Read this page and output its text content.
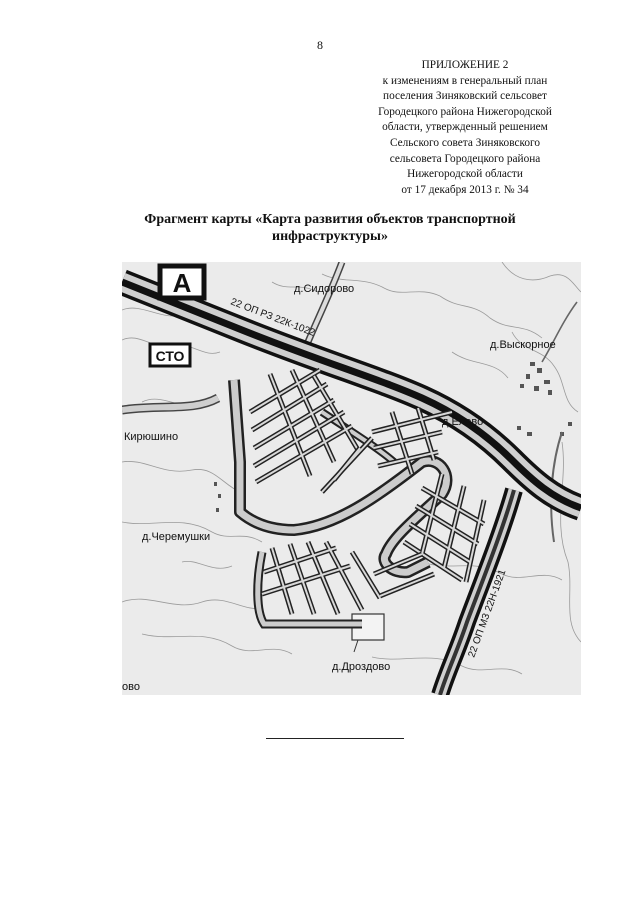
8
ПРИЛОЖЕНИЕ 2
к изменениям в генеральный план
поселения Зиняковский сельсовет
Городецкого района Нижегородской
области, утвержденный решением
Сельского совета Зиняковского
сельсовета Городецкого района
Нижегородской области
от 17 декабря 2013 г. № 34
Фрагмент карты «Карта развития объектов транспортной
инфраструктуры»
А
СТО
22 ОП РЗ 22К-1022
22 ОП МЗ 22Н-1921
д.Сидорово
д.Выскорное
д.Елево
Кирюшино
д.Черемушки
д.Дроздово
ово
